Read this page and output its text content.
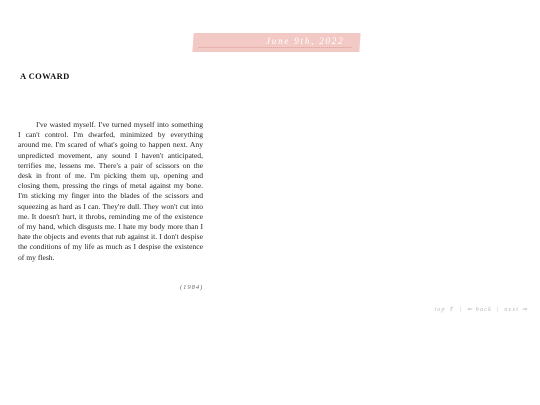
June 9th, 2022
A COWARD

I've wasted myself. I've turned myself into something I can't control. I'm dwarfed, minimized by everything around me. I'm scared of what's going to happen next. Any unpredicted movement, any sound I haven't anticipated, terrifies me, lessens me. There's a pair of scissors on the desk in front of me. I'm picking them up, opening and closing them, pressing the rings of metal against my bone. I'm sticking my finger into the blades of the scissors and squeezing as hard as I can. They're dull. They won't cut into me. It doesn't hurt, it throbs, reminding me of the existence of my hand, which disgusts me. I hate my body more than I hate the objects and events that rub against it. I don't despise the conditions of my life as much as I despise the existence of my flesh.

(1984)
top ⇑ | ⇐ back | next ⇒
